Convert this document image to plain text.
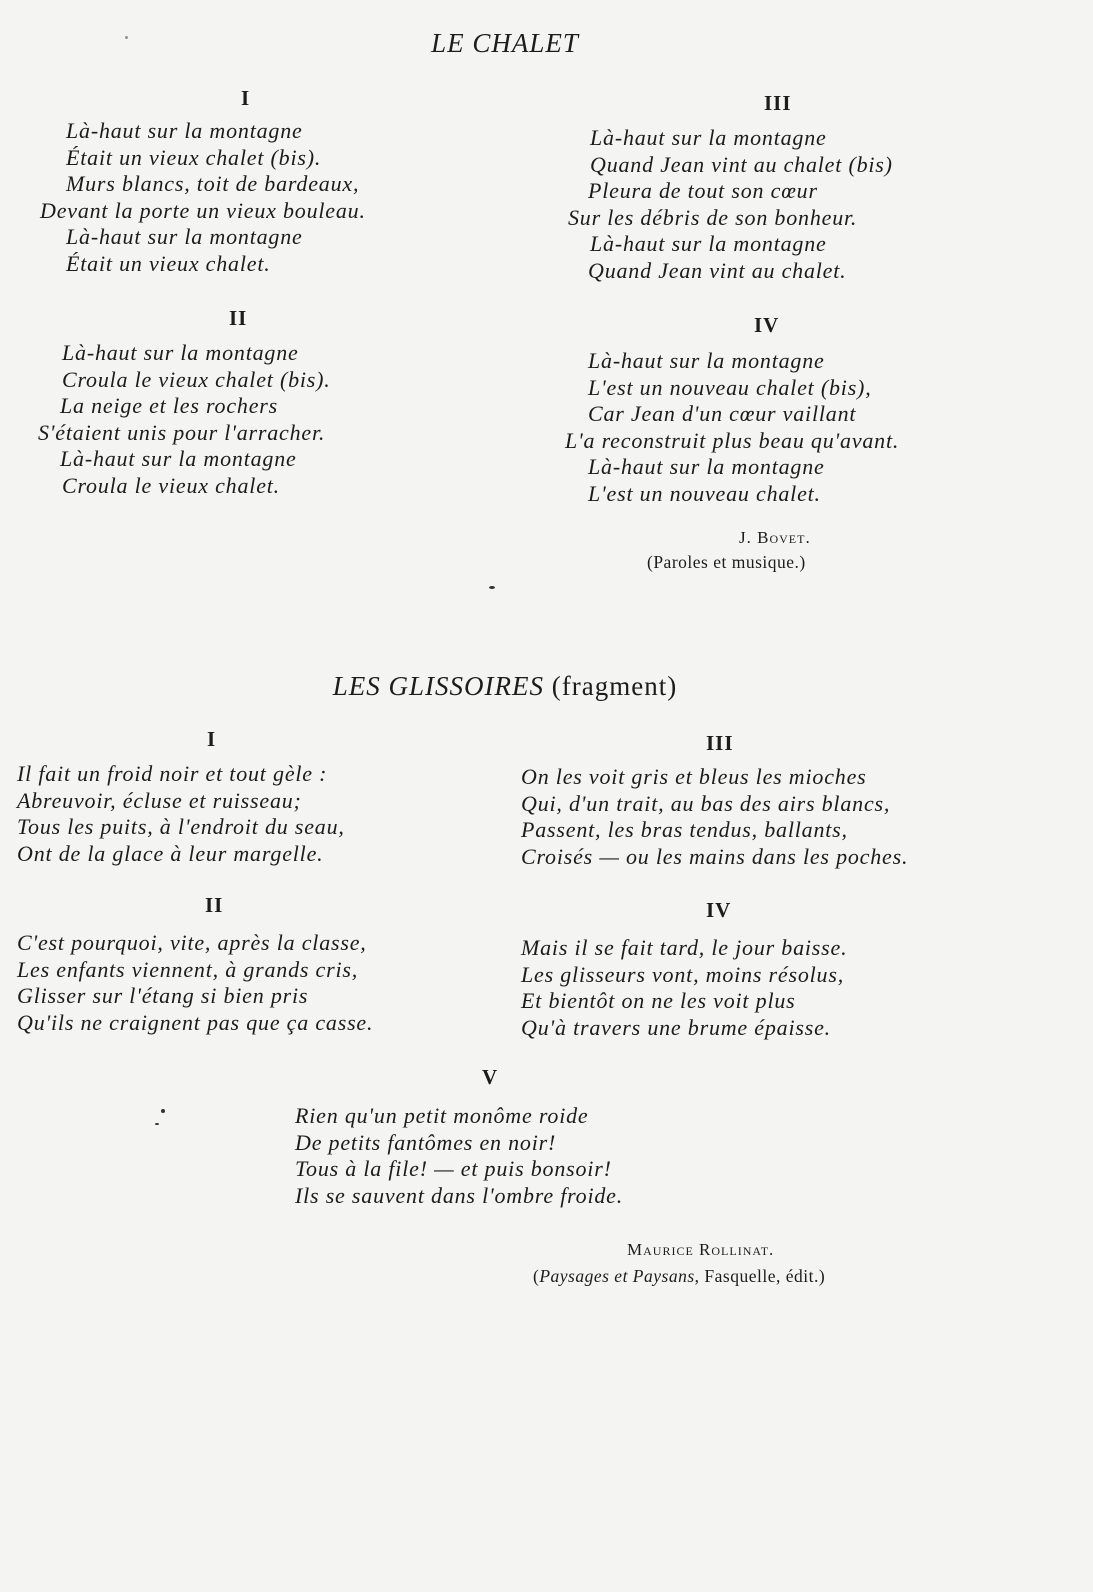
LE CHALET
I
Là-haut sur la montagne
Était un vieux chalet (bis).
Murs blancs, toit de bardeaux,
Devant la porte un vieux bouleau.
Là-haut sur la montagne
Était un vieux chalet.
II
Là-haut sur la montagne
Croula le vieux chalet (bis).
La neige et les rochers
S'étaient unis pour l'arracher.
Là-haut sur la montagne
Croula le vieux chalet.
III
Là-haut sur la montagne
Quand Jean vint au chalet (bis)
Pleura de tout son cœur
Sur les débris de son bonheur.
Là-haut sur la montagne
Quand Jean vint au chalet.
IV
Là-haut sur la montagne
L'est un nouveau chalet (bis),
Car Jean d'un cœur vaillant
L'a reconstruit plus beau qu'avant.
Là-haut sur la montagne
L'est un nouveau chalet.
J. Bovet.
(Paroles et musique.)
LES GLISSOIRES (fragment)
I
Il fait un froid noir et tout gèle :
Abreuvoir, écluse et ruisseau;
Tous les puits, à l'endroit du seau,
Ont de la glace à leur margelle.
II
C'est pourquoi, vite, après la classe,
Les enfants viennent, à grands cris,
Glisser sur l'étang si bien pris
Qu'ils ne craignent pas que ça casse.
III
On les voit gris et bleus les mioches
Qui, d'un trait, au bas des airs blancs,
Passent, les bras tendus, ballants,
Croisés — ou les mains dans les poches.
IV
Mais il se fait tard, le jour baisse.
Les glisseurs vont, moins résolus,
Et bientôt on ne les voit plus
Qu'à travers une brume épaisse.
V
Rien qu'un petit monôme roide
De petits fantômes en noir!
Tous à la file! — et puis bonsoir!
Ils se sauvent dans l'ombre froide.
Maurice Rollinat.
(Paysages et Paysans, Fasquelle, édit.)
